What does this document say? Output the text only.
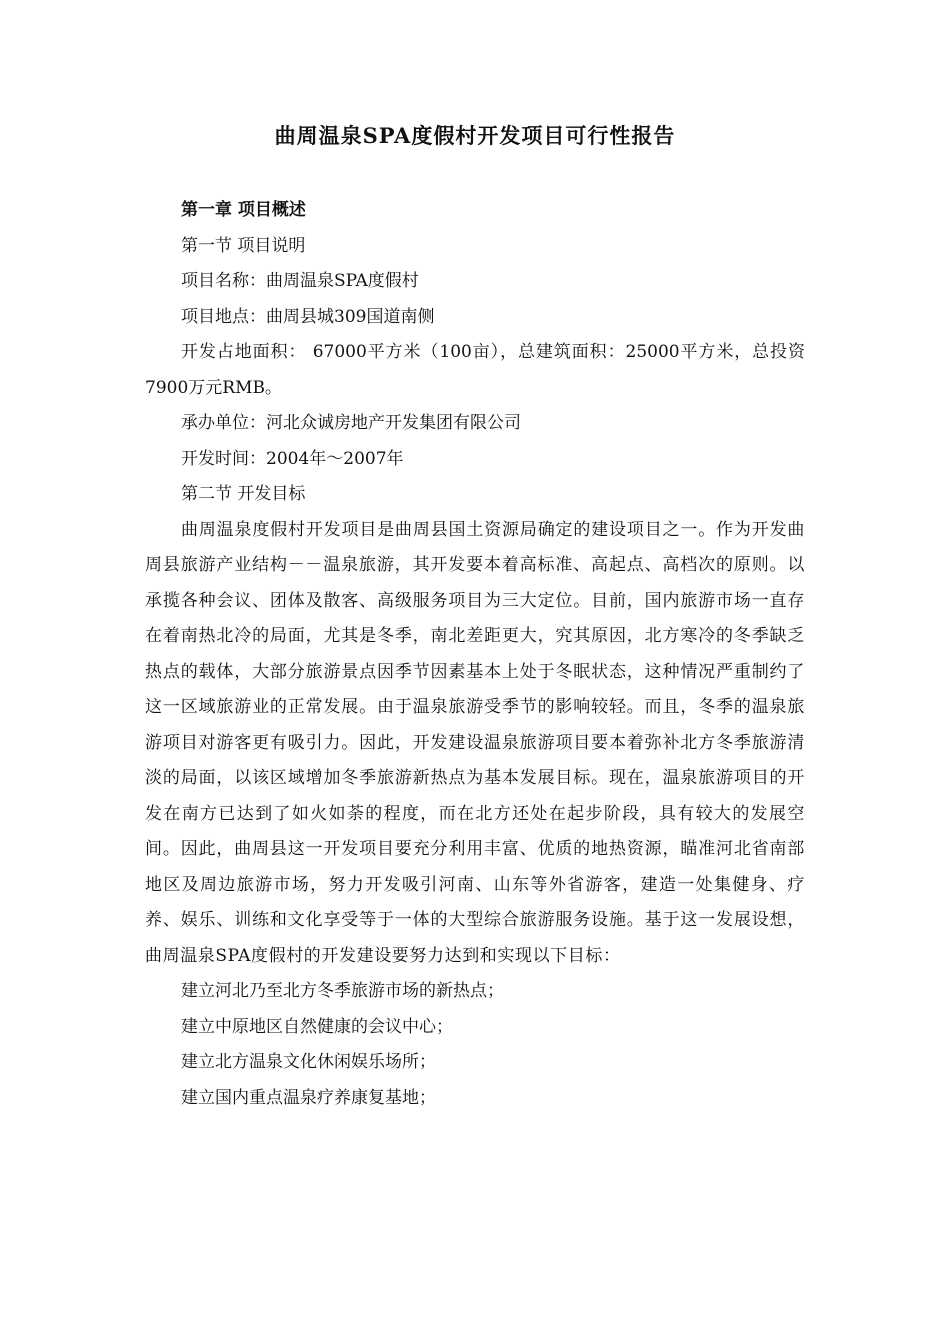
曲周温泉SPA度假村开发项目可行性报告

第一章 项目概述

第一节 项目说明

项目名称：曲周温泉SPA度假村

项目地点：曲周县城309国道南侧

开发占地面积： 67000平方米（100亩），总建筑面积：25000平方米，总投资7900万元RMB。

承办单位：河北众诚房地产开发集团有限公司

开发时间：2004年～2007年

第二节 开发目标

曲周温泉度假村开发项目是曲周县国土资源局确定的建设项目之一。作为开发曲周县旅游产业结构－－温泉旅游，其开发要本着高标准、高起点、高档次的原则。以承揽各种会议、团体及散客、高级服务项目为三大定位。目前，国内旅游市场一直存在着南热北冷的局面，尤其是冬季，南北差距更大，究其原因，北方寒冷的冬季缺乏热点的载体，大部分旅游景点因季节因素基本上处于冬眠状态，这种情况严重制约了这一区域旅游业的正常发展。由于温泉旅游受季节的影响较轻。而且，冬季的温泉旅游项目对游客更有吸引力。因此，开发建设温泉旅游项目要本着弥补北方冬季旅游清淡的局面，以该区域增加冬季旅游新热点为基本发展目标。现在，温泉旅游项目的开发在南方已达到了如火如荼的程度，而在北方还处在起步阶段，具有较大的发展空间。因此，曲周县这一开发项目要充分利用丰富、优质的地热资源，瞄准河北省南部地区及周边旅游市场，努力开发吸引河南、山东等外省游客，建造一处集健身、疗养、娱乐、训练和文化享受等于一体的大型综合旅游服务设施。基于这一发展设想，曲周温泉SPA度假村的开发建设要努力达到和实现以下目标：

建立河北乃至北方冬季旅游市场的新热点；

建立中原地区自然健康的会议中心；

建立北方温泉文化休闲娱乐场所；

建立国内重点温泉疗养康复基地；
